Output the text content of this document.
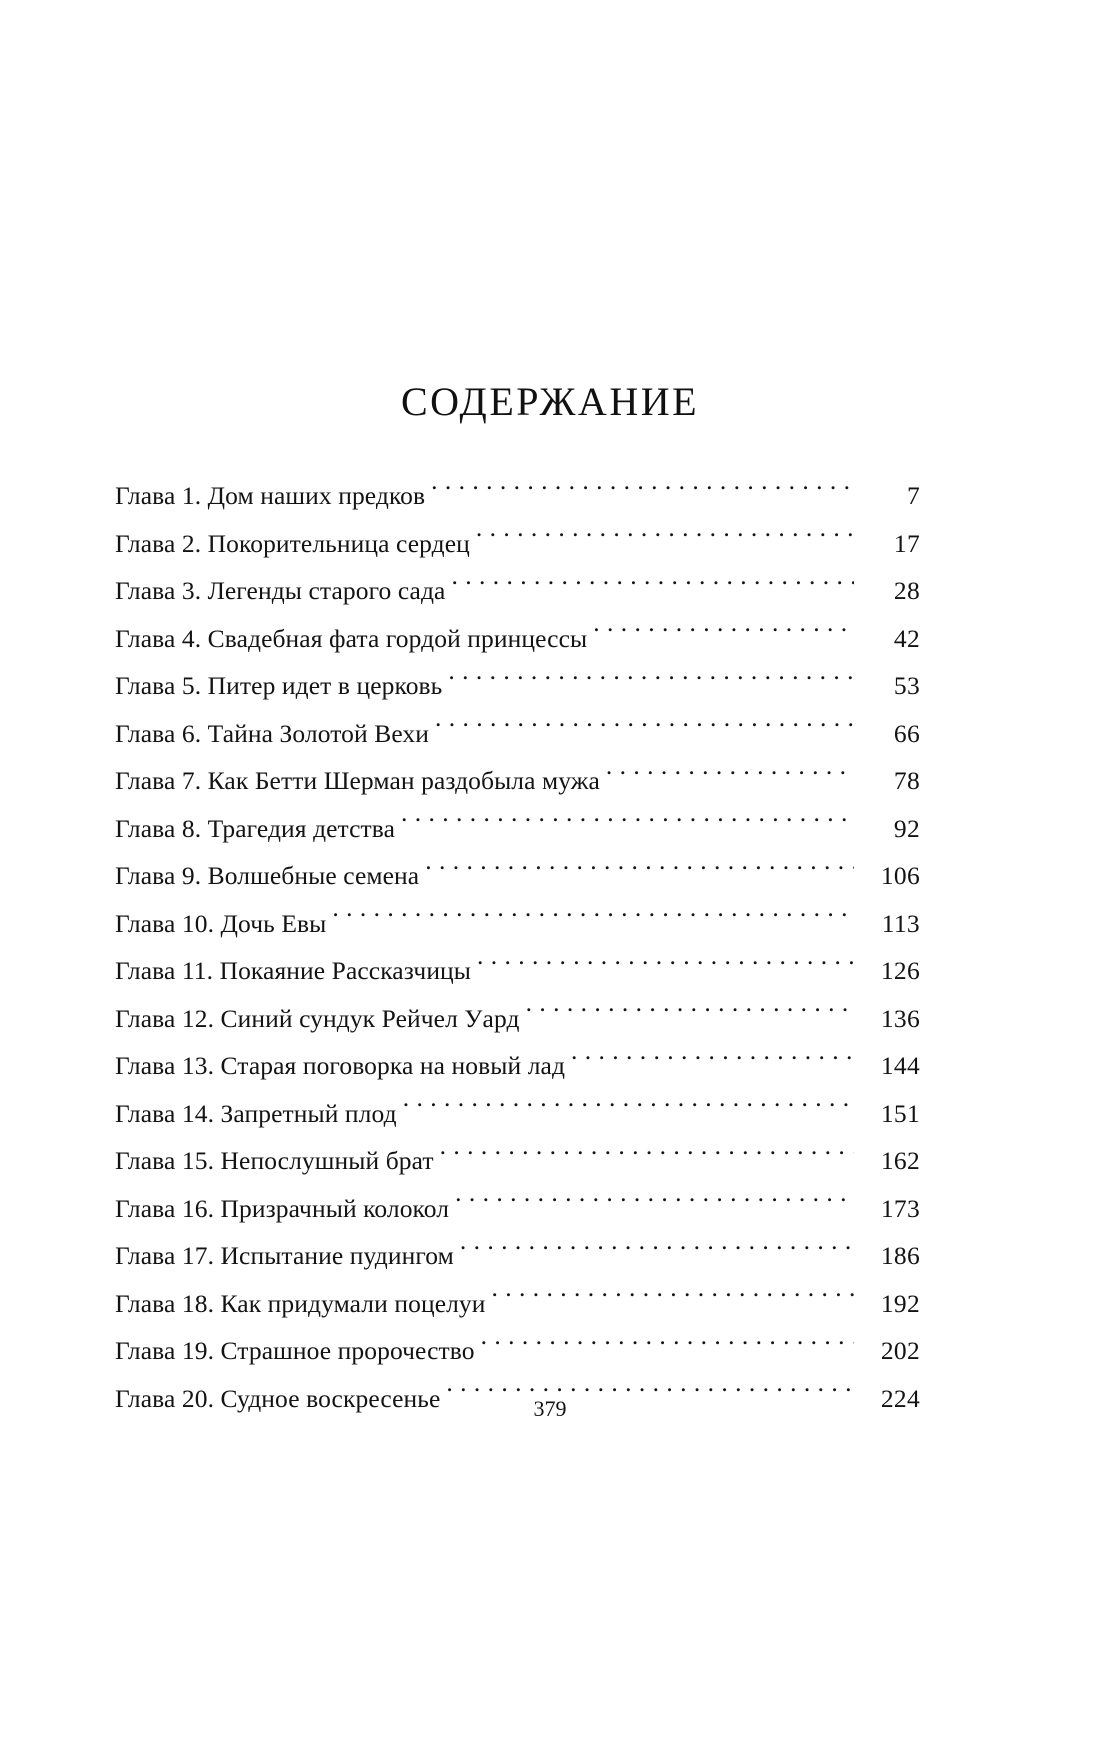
СОДЕРЖАНИЕ
Глава 1. Дом наших предков . . .	7
Глава 2. Покорительница сердец . . .	17
Глава 3. Легенды старого сада . . .	28
Глава 4. Свадебная фата гордой принцессы . . .	42
Глава 5. Питер идет в церковь . . .	53
Глава 6. Тайна Золотой Вехи . . .	66
Глава 7. Как Бетти Шерман раздобыла мужа . . .	78
Глава 8. Трагедия детства . . .	92
Глава 9. Волшебные семена . . .	106
Глава 10. Дочь Евы . . .	113
Глава 11. Покаяние Рассказчицы . . .	126
Глава 12. Синий сундук Рейчел Уард . . .	136
Глава 13. Старая поговорка на новый лад . . .	144
Глава 14. Запретный плод . . .	151
Глава 15. Непослушный брат . . .	162
Глава 16. Призрачный колокол . . .	173
Глава 17. Испытание пудингом . . .	186
Глава 18. Как придумали поцелуи . . .	192
Глава 19. Страшное пророчество . . .	202
Глава 20. Судное воскресенье . . .	224
379
